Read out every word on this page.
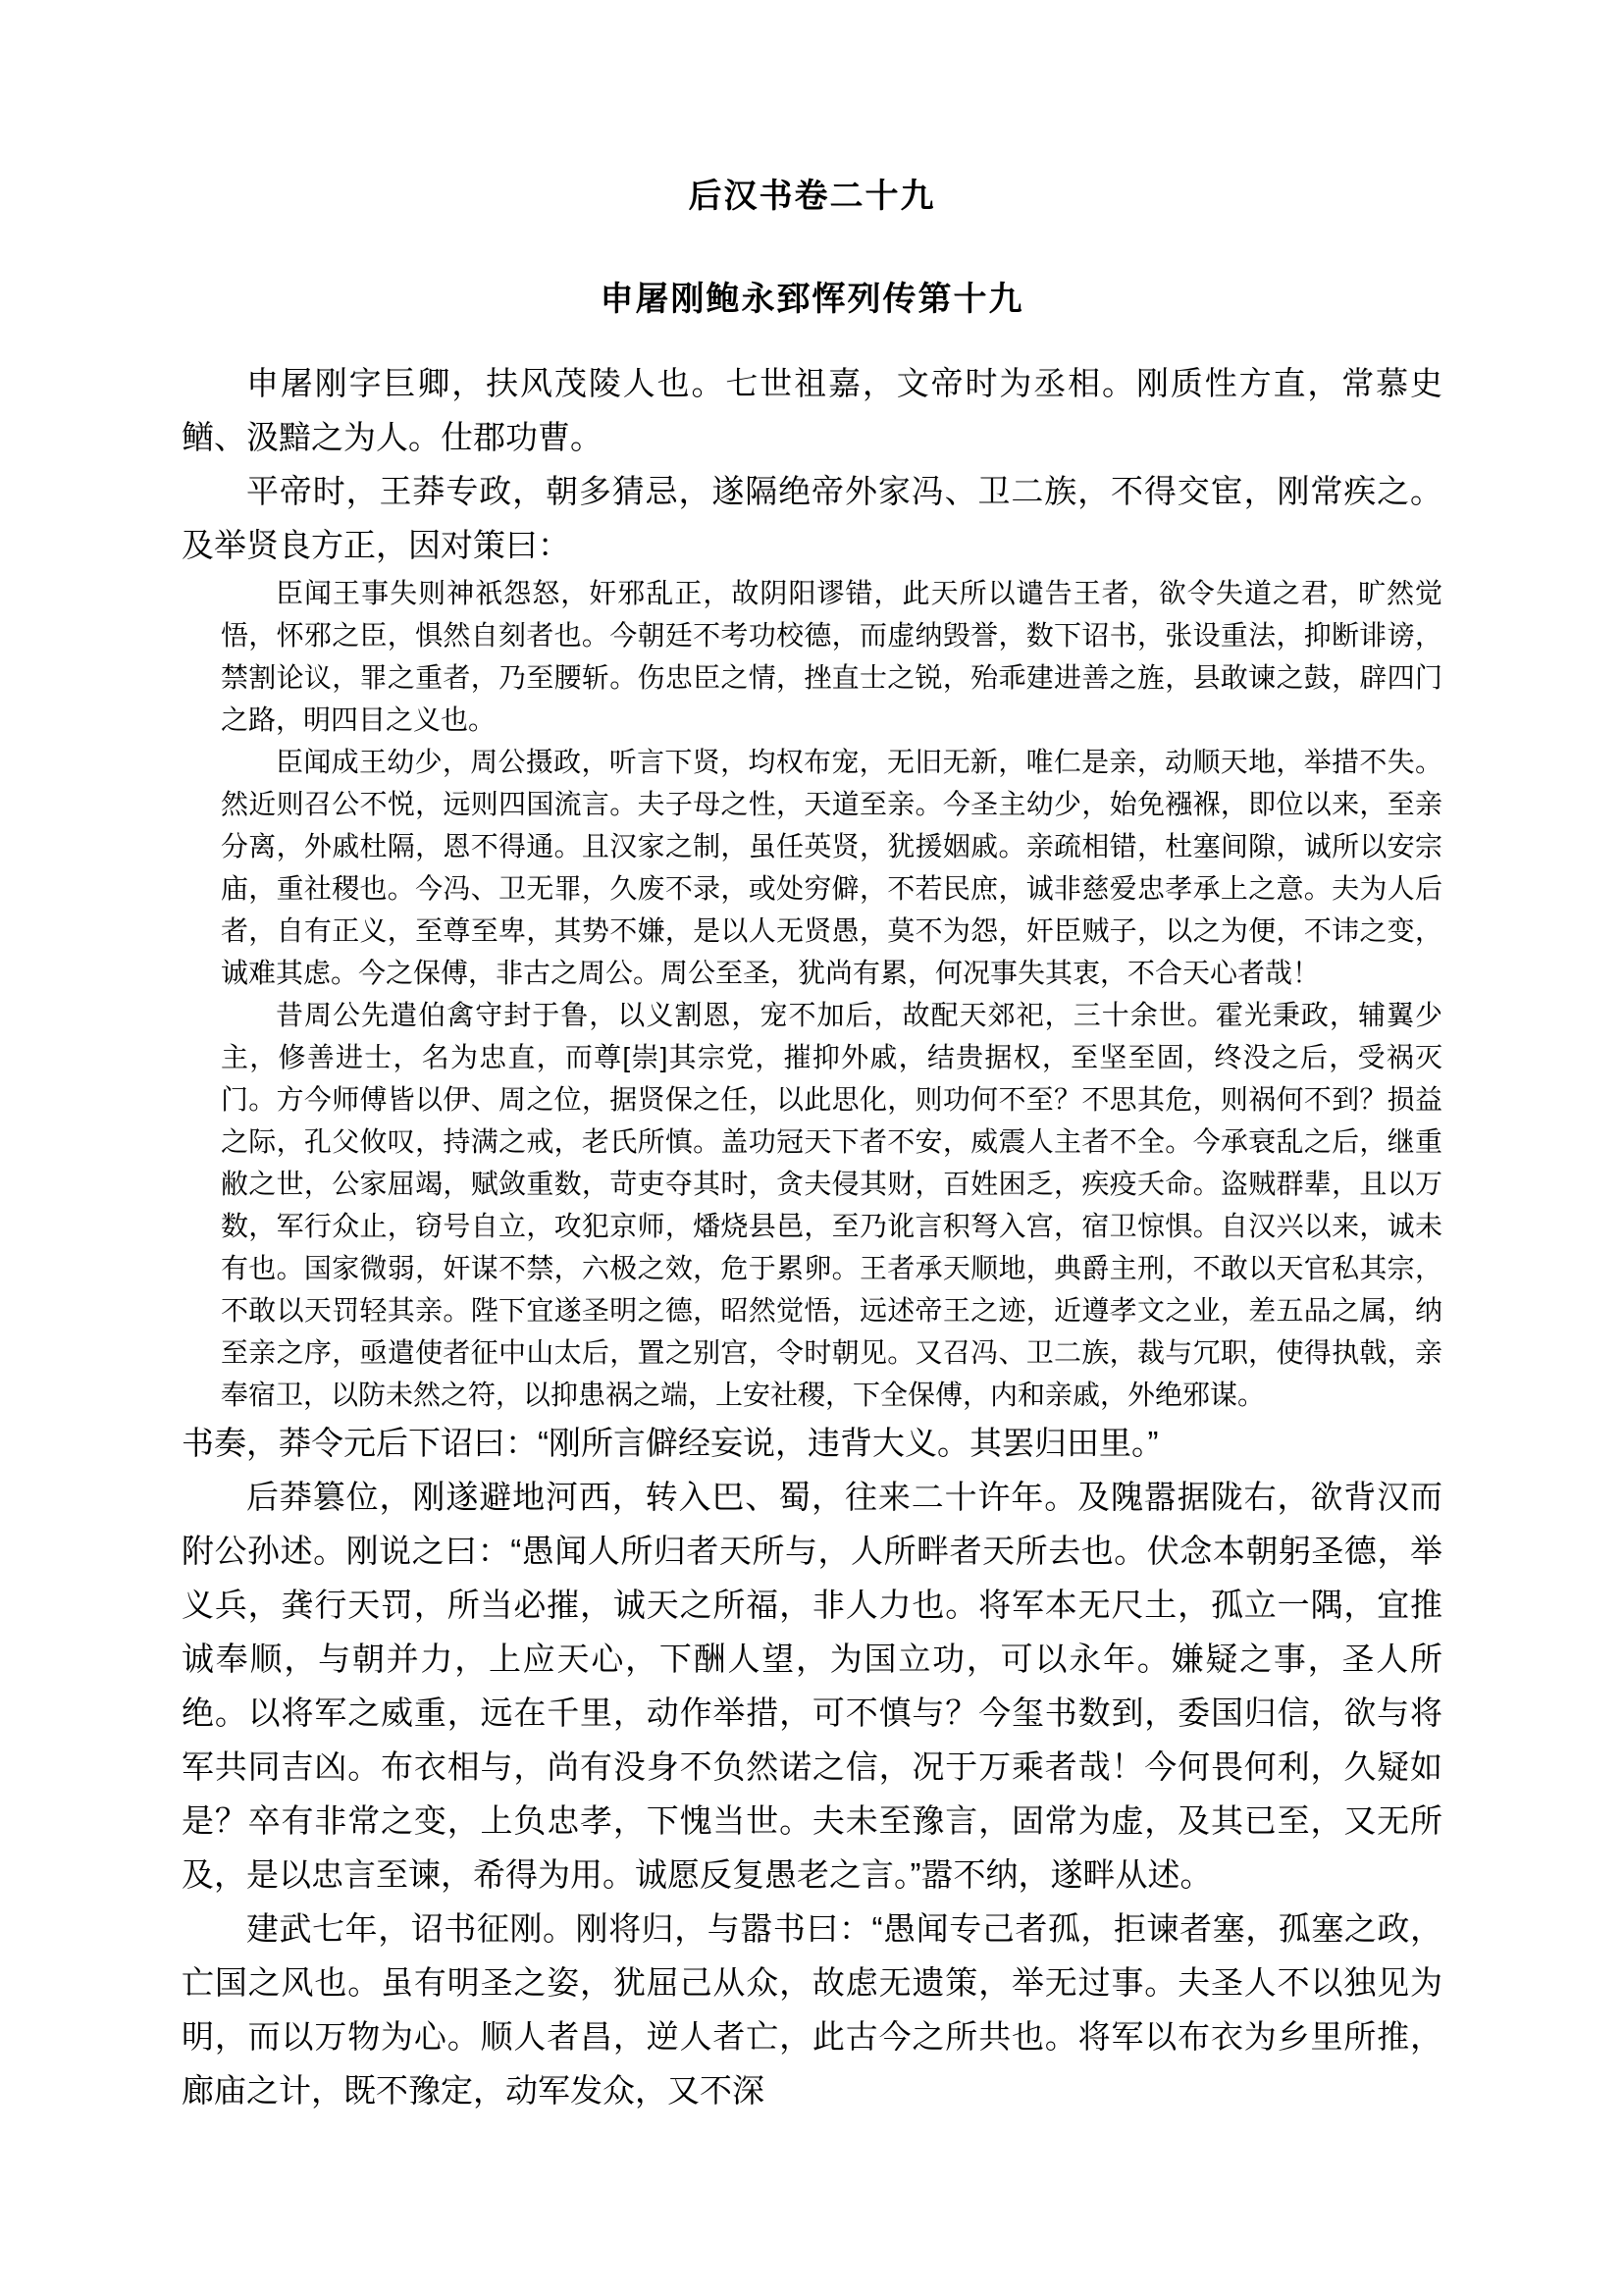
后汉书卷二十九
申屠刚鲍永郅恽列传第十九

申屠刚字巨卿，扶风茂陵人也。七世祖嘉，文帝时为丞相。刚质性方直，常慕史䲡、汲黯之为人。仕郡功曹。

平帝时，王莽专政，朝多猜忌，遂隔绝帝外家冯、卫二族，不得交宦，刚常疾之。及举贤良方正，因对策曰：

臣闻王事失则神祇怨怒，奸邪乱正，故阴阳谬错，此天所以谴告王者，欲令失道之君，旷然觉悟，怀邪之臣，惧然自刻者也。今朝廷不考功校德，而虚纳毁誉，数下诏书，张设重法，抑断诽谤，禁割论议，罪之重者，乃至腰斩。伤忠臣之情，挫直士之锐，殆乖建进善之旌，县敢谏之鼓，辟四门之路，明四目之义也。

臣闻成王幼少，周公摄政，听言下贤，均权布宠，无旧无新，唯仁是亲，动顺天地，举措不失。然近则召公不悦，远则四国流言。夫子母之性，天道至亲。今圣主幼少，始免襁褓，即位以来，至亲分离，外戚杜隔，恩不得通。且汉家之制，虽任英贤，犹援姻戚。亲疏相错，杜塞间隙，诚所以安宗庙，重社稷也。今冯、卫无罪，久废不录，或处穷僻，不若民庶，诚非慈爱忠孝承上之意。夫为人后者，自有正义，至尊至卑，其势不嫌，是以人无贤愚，莫不为怨，奸臣贼子，以之为便，不讳之变，诚难其虑。今之保傅，非古之周公。周公至圣，犹尚有累，何况事失其衷，不合天心者哉！

昔周公先遣伯禽守封于鲁，以义割恩，宠不加后，故配天郊祀，三十余世。霍光秉政，辅翼少主，修善进士，名为忠直，而尊[崇]其宗党，摧抑外戚，结贵据权，至坚至固，终没之后，受祸灭门。方今师傅皆以伊、周之位，据贤保之任，以此思化，则功何不至？不思其危，则祸何不到？损益之际，孔父攸叹，持满之戒，老氏所慎。盖功冠天下者不安，威震人主者不全。今承衰乱之后，继重敝之世，公家屈竭，赋敛重数，苛吏夺其时，贪夫侵其财，百姓困乏，疾疫夭命。盗贼群辈，且以万数，军行众止，窃号自立，攻犯京师，燔烧县邑，至乃讹言积弩入宫，宿卫惊惧。自汉兴以来，诚未有也。国家微弱，奸谋不禁，六极之效，危于累卵。王者承天顺地，典爵主刑，不敢以天官私其宗，不敢以天罚轻其亲。陛下宜遂圣明之德，昭然觉悟，远述帝王之迹，近遵孝文之业，差五品之属，纳至亲之序，亟遣使者征中山太后，置之别宫，令时朝见。又召冯、卫二族，裁与冗职，使得执戟，亲奉宿卫，以防未然之符，以抑患祸之端，上安社稷，下全保傅，内和亲戚，外绝邪谋。

书奏，莽令元后下诏曰：“刚所言僻经妄说，违背大义。其罢归田里。”

后莽篡位，刚遂避地河西，转入巴、蜀，往来二十许年。及隗嚣据陇右，欲背汉而附公孙述。刚说之曰：“愚闻人所归者天所与，人所畔者天所去也。伏念本朝躬圣德，举义兵，龚行天罚，所当必摧，诚天之所福，非人力也。将军本无尺土，孤立一隅，宜推诚奉顺，与朝并力，上应天心，下酬人望，为国立功，可以永年。嫌疑之事，圣人所绝。以将军之威重，远在千里，动作举措，可不慎与？今玺书数到，委国归信，欲与将军共同吉凶。布衣相与，尚有没身不负然诺之信，况于万乘者哉！今何畏何利，久疑如是？卒有非常之变，上负忠孝，下愧当世。夫未至豫言，固常为虚，及其已至，又无所及，是以忠言至谏，希得为用。诚愿反复愚老之言。”嚣不纳，遂畔从述。

建武七年，诏书征刚。刚将归，与嚣书曰：“愚闻专己者孤，拒谏者塞，孤塞之政，亡国之风也。虽有明圣之姿，犹屈己从众，故虑无遗策，举无过事。夫圣人不以独见为明，而以万物为心。顺人者昌，逆人者亡，此古今之所共也。将军以布衣为乡里所推，廊庙之计，既不豫定，动军发众，又不深
